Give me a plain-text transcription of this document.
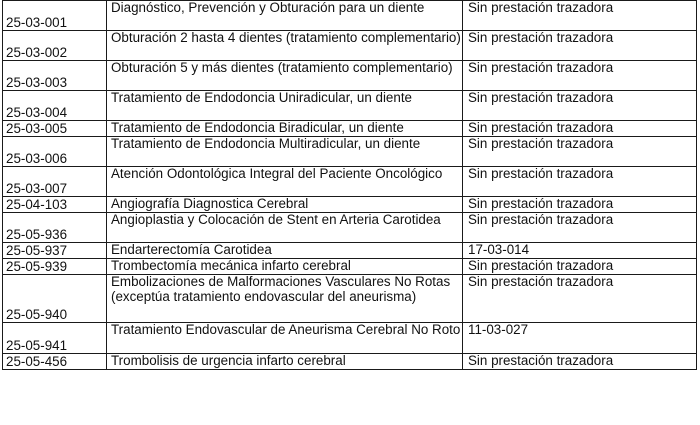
25-03-001	Diagnóstico, Prevención y Obturación para un diente	Sin prestación trazadora
25-03-002	Obturación 2 hasta 4 dientes (tratamiento complementario)	Sin prestación trazadora
25-03-003	Obturación 5 y más dientes (tratamiento complementario)	Sin prestación trazadora
25-03-004	Tratamiento de Endodoncia Uniradicular, un diente	Sin prestación trazadora
25-03-005	Tratamiento de Endodoncia Biradicular, un diente	Sin prestación trazadora
25-03-006	Tratamiento de Endodoncia Multiradicular, un diente	Sin prestación trazadora
25-03-007	Atención Odontológica Integral del Paciente Oncológico	Sin prestación trazadora
25-04-103	Angiografía Diagnostica Cerebral	Sin prestación trazadora
25-05-936	Angioplastia y Colocación de Stent en Arteria Carotidea	Sin prestación trazadora
25-05-937	Endarterectomía Carotidea	17-03-014
25-05-939	Trombectomía mecánica infarto cerebral	Sin prestación trazadora
25-05-940	Embolizaciones de Malformaciones Vasculares No Rotas (exceptúa tratamiento endovascular del aneurisma)	Sin prestación trazadora
25-05-941	Tratamiento Endovascular de Aneurisma Cerebral No Roto	11-03-027
25-05-456	Trombolisis de urgencia infarto cerebral	Sin prestación trazadora
